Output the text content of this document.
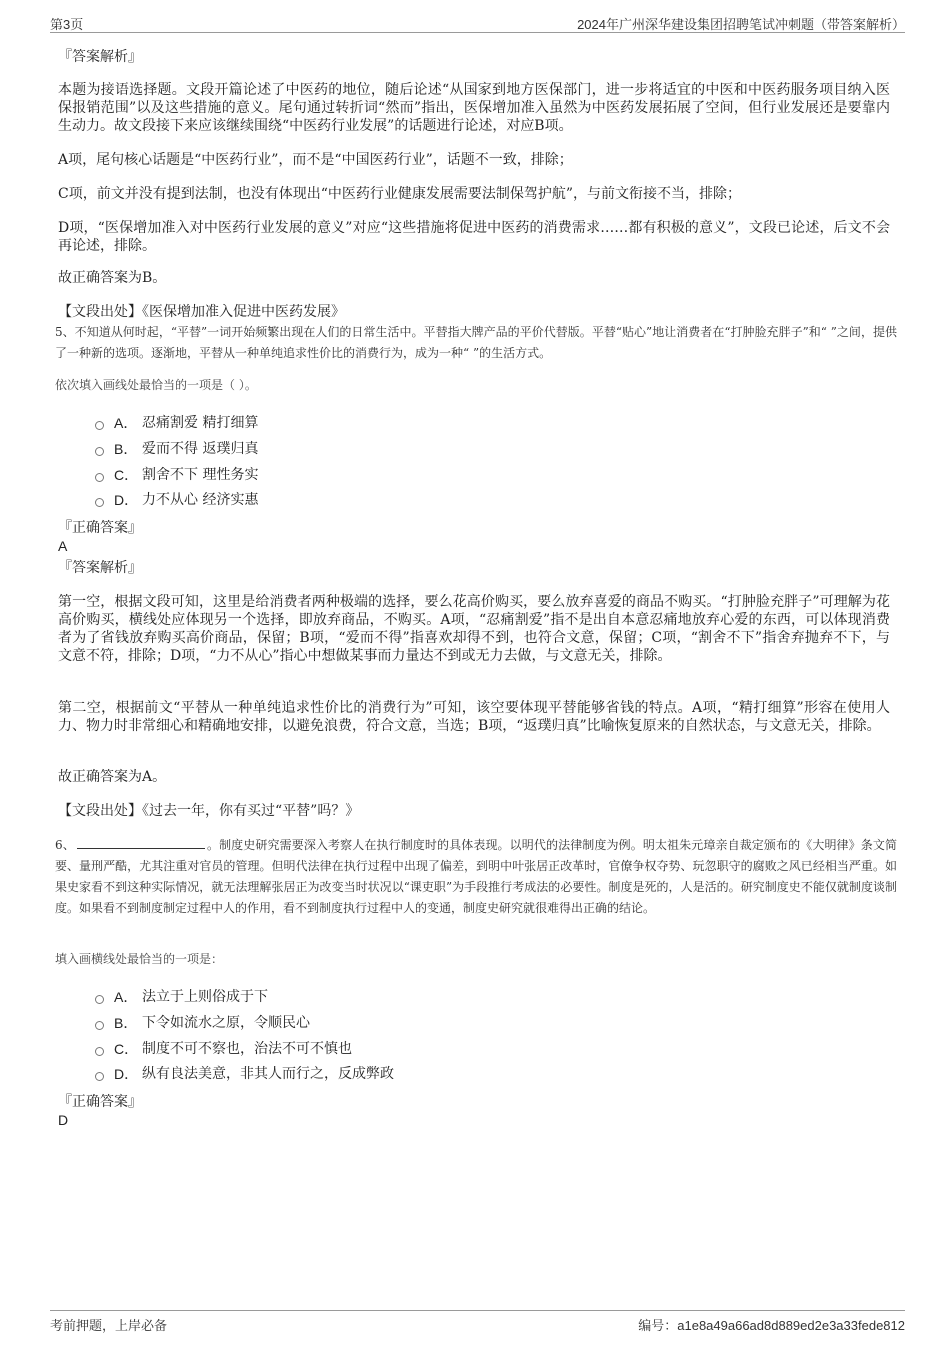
第3页	2024年广州深华建设集团招聘笔试冲刺题（带答案解析）
『答案解析』
本题为接语选择题。文段开篇论述了中医药的地位，随后论述“从国家到地方医保部门，进一步将适宜的中医和中医药服务项目纳入医保报销范围”以及这些措施的意义。尾句通过转折词“然而”指出，医保增加准入虽然为中医药发展拓展了空间，但行业发展还是要靠内生动力。故文段接下来应该继续围绕“中医药行业发展”的话题进行论述，对应B项。
A项，尾句核心话题是“中医药行业”，而不是“中国医药行业”，话题不一致，排除；
C项，前文并没有提到法制，也没有体现出“中医药行业健康发展需要法制保驾护航”，与前文衔接不当，排除；
D项，“医保增加准入对中医药行业发展的意义”对应“这些措施将促进中医药的消费需求……都有积极的意义”，文段已论述，后文不会再论述，排除。
故正确答案为B。
【文段出处】《医保增加准入促进中医药发展》
5、不知道从何时起，“平替”一词开始频繁出现在人们的日常生活中。平替指大牌产品的平价代替版。平替“贴心”地让消费者在“打肿脸充胖子”和“ ”之间，提供了一种新的选项。逐渐地，平替从一种单纯追求性价比的消费行为，成为一种“ ”的生活方式。
依次填入画线处最恰当的一项是（ ）。
A． 忍痛割爱 精打细算
B． 爱而不得 返璞归真
C． 割舍不下 理性务实
D． 力不从心 经济实惠
『正确答案』
A
『答案解析』
第一空，根据文段可知，这里是给消费者两种极端的选择，要么花高价购买，要么放弃喜爱的商品不购买。“打肿脸充胖子”可理解为花高价购买，横线处应体现另一个选择，即放弃商品，不购买。A项，“忍痛割爱”指不是出自本意忍痛地放弃心爱的东西，可以体现消费者为了省钱放弃购买高价商品，保留；B项，“爱而不得”指喜欢却得不到，也符合文意，保留；C项，“割舍不下”指舍弃抛弃不下，与文意不符，排除；D项，“力不从心”指心中想做某事而力量达不到或无力去做，与文意无关，排除。
第二空，根据前文“平替从一种单纯追求性价比的消费行为”可知，该空要体现平替能够省钱的特点。A项，“精打细算”形容在使用人力、物力时非常细心和精确地安排，以避免浪费，符合文意，当选；B项，“返璞归真”比喻恢复原来的自然状态，与文意无关，排除。
故正确答案为A。
【文段出处】《过去一年，你有买过“平替”吗？》
6、	。制度史研究需要深入考察人在执行制度时的具体表现。以明代的法律制度为例。明太祖朱元璋亲自裁定颁布的《大明律》条文简要、量刑严酷，尤其注重对官员的管理。但明代法律在执行过程中出现了偏差，到明中叶张居正改革时，官僚争权夺势、玩忽职守的腐败之风已经相当严重。如果史家看不到这种实际情况，就无法理解张居正为改变当时状况以“课吏职”为手段推行考成法的必要性。制度是死的，人是活的。研究制度史不能仅就制度谈制度。如果看不到制度制定过程中人的作用，看不到制度执行过程中人的变通，制度史研究就很难得出正确的结论。
填入画横线处最恰当的一项是：
A． 法立于上则俗成于下
B． 下令如流水之原，令顺民心
C． 制度不可不察也，治法不可不慎也
D． 纵有良法美意，非其人而行之，反成弊政
『正确答案』
D
考前押题，上岸必备	编号：a1e8a49a66ad8d889ed2e3a33fede812
